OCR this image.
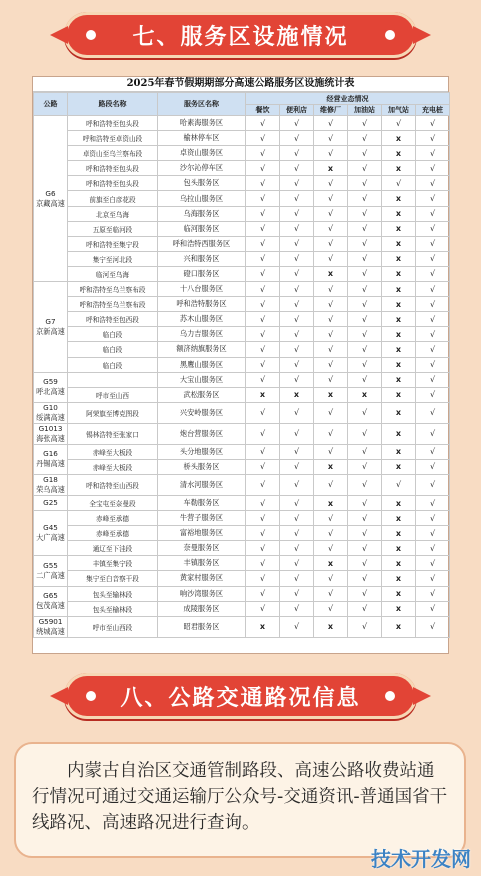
七、服务区设施情况
2025年春节假期期部分高速公路服务区设施统计表
公路	路段名称	服务区名称	经营业态情况					
			餐饮	便利店	维修厂	加油站	加气站	充电桩
G6
京藏高速	呼和浩特至包头段	哈素海服务区	√	√	√	√	√	√
	呼和浩特至卓资山段	榆林停车区	√	√	√	√	x	√
	卓资山至乌兰察布段	卓资山服务区	√	√	√	√	x	√
	呼和浩特至包头段	沙尔沁停车区	√	√	x	√	x	√
	呼和浩特至包头段	包头服务区	√	√	√	√	√	√
	前旗至白彦花段	乌拉山服务区	√	√	√	√	x	√
	北京至乌海	乌海服务区	√	√	√	√	x	√
	五原至临河段	临河服务区	√	√	√	√	x	√
	呼和浩特至集宁段	呼和浩特西服务区	√	√	√	√	x	√
	集宁至河北段	兴和服务区	√	√	√	√	x	√
	临河至乌海	磴口服务区	√	√	x	√	x	√
G7
京新高速	呼和浩特至乌兰察布段	十八台服务区	√	√	√	√	x	√
	呼和浩特至乌兰察布段	呼和浩特服务区	√	√	√	√	x	√
	呼和浩特至包西段	苏木山服务区	√	√	√	√	x	√
	临白段	乌力吉服务区	√	√	√	√	x	√
	临白段	额济纳旗服务区	√	√	√	√	x	√
	临白段	黑鹰山服务区	√	√	√	√	x	√
G59
呼北高速		大宝山服务区	√	√	√	√	x	√
	呼市至山西	武松服务区	x	x	x	x	x	√
G10
绥满高速	阿荣旗至博克图段	兴安岭服务区	√	√	√	√	x	√
G1013
海张高速	锡林浩特至张家口	炮台营服务区	√	√	√	√	x	√
G16
丹锡高速	赤峰至大板段	头分地服务区	√	√	√	√	x	√
	赤峰至大板段	桥头服务区	√	√	x	√	x	√
G18
荣乌高速	呼和浩特至山西段	清水河服务区	√	√	√	√	√	√
G25	全宝屯至奈曼段	车勒服务区	√	√	x	√	x	√
G45
大广高速	赤峰至承德	牛营子服务区	√	√	√	√	x	√
	赤峰至承德	富裕地服务区	√	√	√	√	x	√
	通辽至下洼段	奈曼服务区	√	√	√	√	x	√
G55
二广高速	丰镇至集宁段	丰镇服务区	√	√	x	√	x	√
	集宁至白音察干段	黄家村服务区	√	√	√	√	x	√
G65
包茂高速	包头至输林段	响沙湾服务区	√	√	√	√	x	√
	包头至榆林段	成陵服务区	√	√	√	√	x	√
G5901
绕城高速	呼市至山西段	昭君服务区	x	√	x	√	x	√
八、公路交通路况信息

内蒙古自治区交通管制路段、高速公路收费站通行情况可通过交通运输厅公众号-交通资讯-普通国省干线路况、高速路况进行查询。

技术开发网
